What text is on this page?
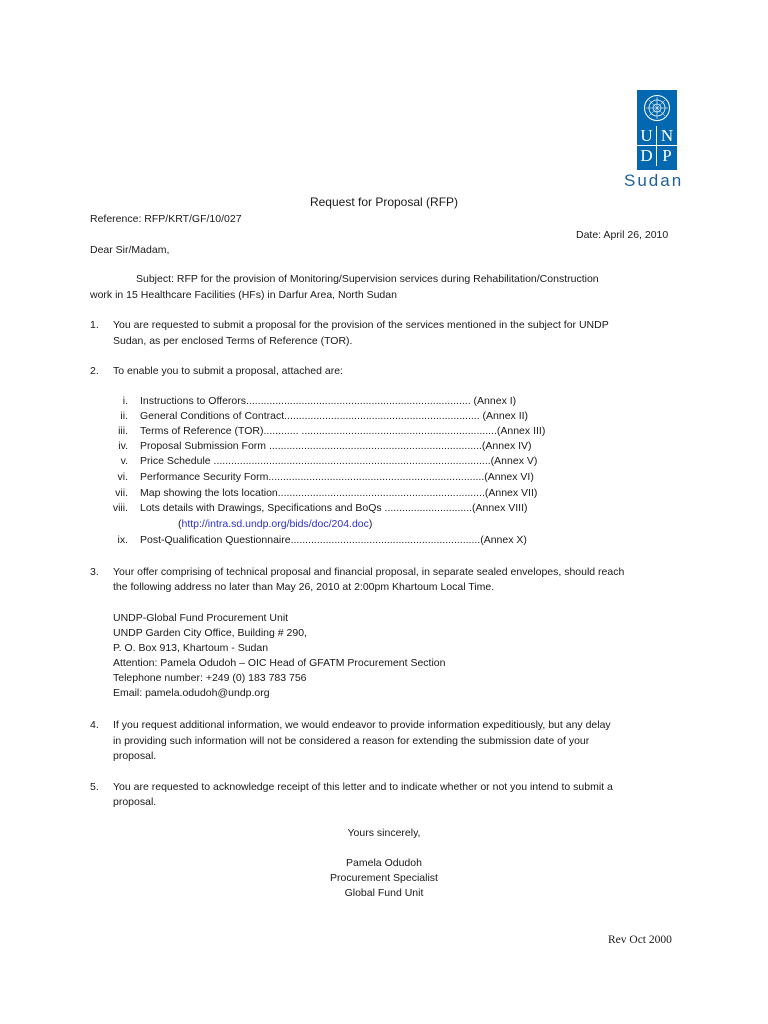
U N
D P
Sudan
Request for Proposal (RFP)
Reference: RFP/KRT/GF/10/027
Date: April 26, 2010
Dear Sir/Madam,
Subject: RFP for the provision of Monitoring/Supervision services during Rehabilitation/Construction
work in 15 Healthcare Facilities (HFs) in Darfur Area, North Sudan
1. You are requested to submit a proposal for the provision of the services mentioned in the subject for UNDP
Sudan, as per enclosed Terms of Reference (TOR).
2. To enable you to submit a proposal, attached are:
i. Instructions to Offerors............................................................................. (Annex I)
ii. General Conditions of Contract................................................................... (Annex II)
iii. Terms of Reference (TOR)............ ...................................................................(Annex III)
iv. Proposal Submission Form .........................................................................(Annex IV)
v. Price Schedule ...............................................................................................(Annex V)
vi. Performance Security Form..........................................................................(Annex VI)
vii. Map showing the lots location.......................................................................(Annex VII)
viii. Lots details with Drawings, Specifications and BoQs ..............................(Annex VIII)
(http://intra.sd.undp.org/bids/doc/204.doc)
ix. Post-Qualification Questionnaire.................................................................(Annex X)
3. Your offer comprising of technical proposal and financial proposal, in separate sealed envelopes, should reach
the following address no later than May 26, 2010 at 2:00pm Khartoum Local Time.
UNDP-Global Fund Procurement Unit
UNDP Garden City Office, Building # 290,
P. O. Box 913, Khartoum - Sudan
Attention: Pamela Odudoh – OIC Head of GFATM Procurement Section
Telephone number: +249 (0) 183 783 756
Email: pamela.odudoh@undp.org
4. If you request additional information, we would endeavor to provide information expeditiously, but any delay
in providing such information will not be considered a reason for extending the submission date of your
proposal.
5. You are requested to acknowledge receipt of this letter and to indicate whether or not you intend to submit a
proposal.
Yours sincerely,
Pamela Odudoh
Procurement Specialist
Global Fund Unit
Rev Oct 2000
